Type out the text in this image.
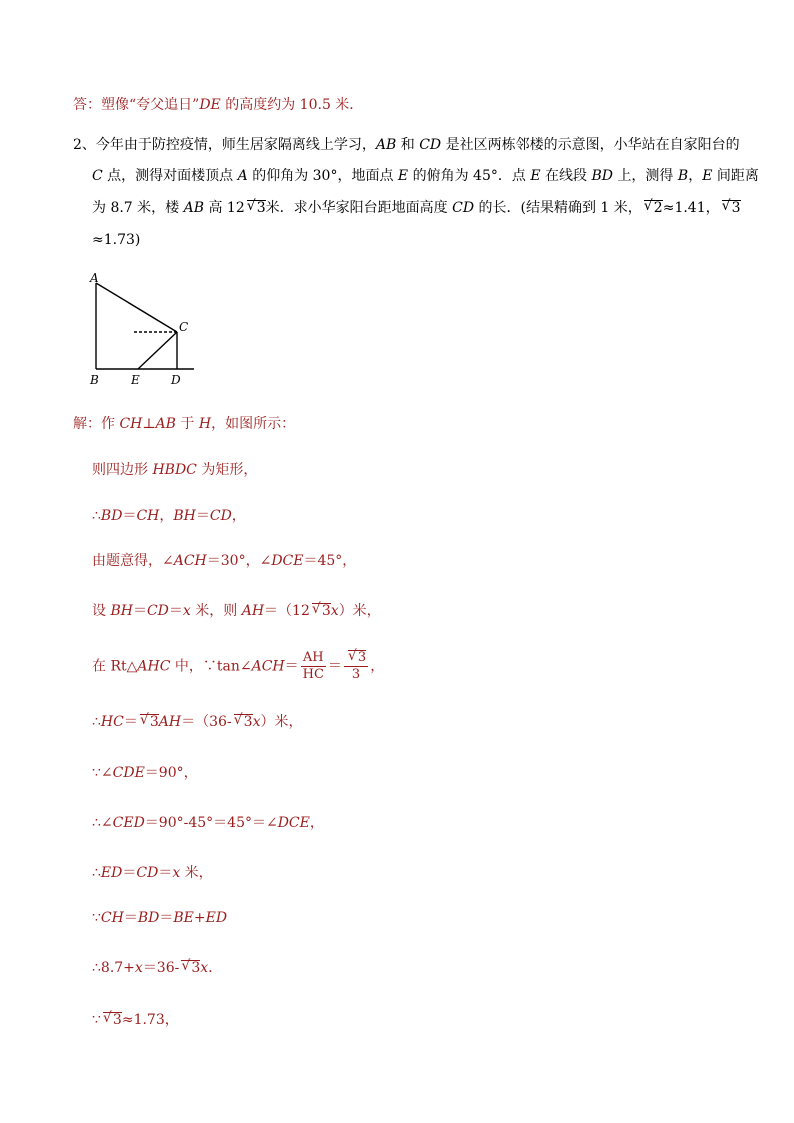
答：塑像“夸父追日”DE 的高度约为 10.5 米．
2、今年由于防控疫情，师生居家隔离线上学习，AB 和 CD 是社区两栋邻楼的示意图，小华站在自家阳台的
C 点，测得对面楼顶点 A 的仰角为 30°，地面点 E 的俯角为 45°．点 E 在线段 BD 上，测得 B，E 间距离
为 8.7 米，楼 AB 高 12 √ 3米．求小华家阳台距地面高度 CD 的长．(结果精确到 1 米， √ 2≈1.41， √ 3
≈1.73)
A
B
C
D
E
解：作 CH⊥AB 于 H，如图所示：
则四边形 HBDC 为矩形，
∴BD＝CH，BH＝CD，
由题意得，∠ACH＝30°，∠DCE＝45°，
设 BH＝CD＝x 米，则 AH＝（12 √ 3x）米，
在 Rt△AHC 中，∵tan∠ACH＝ $\frac{AH}{HC}$ ＝ √ $\frac{3}{3}$ ，
∴HC＝ √ 3AH＝（36- √ 3x）米，
∵∠CDE＝90°，
∴∠CED＝90°-45°＝45°＝∠DCE，
∴ED＝CD＝x 米，
∵CH＝BD＝BE+ED
∴8.7+x＝36- √ 3x．
∵ √ 3≈1.73，
